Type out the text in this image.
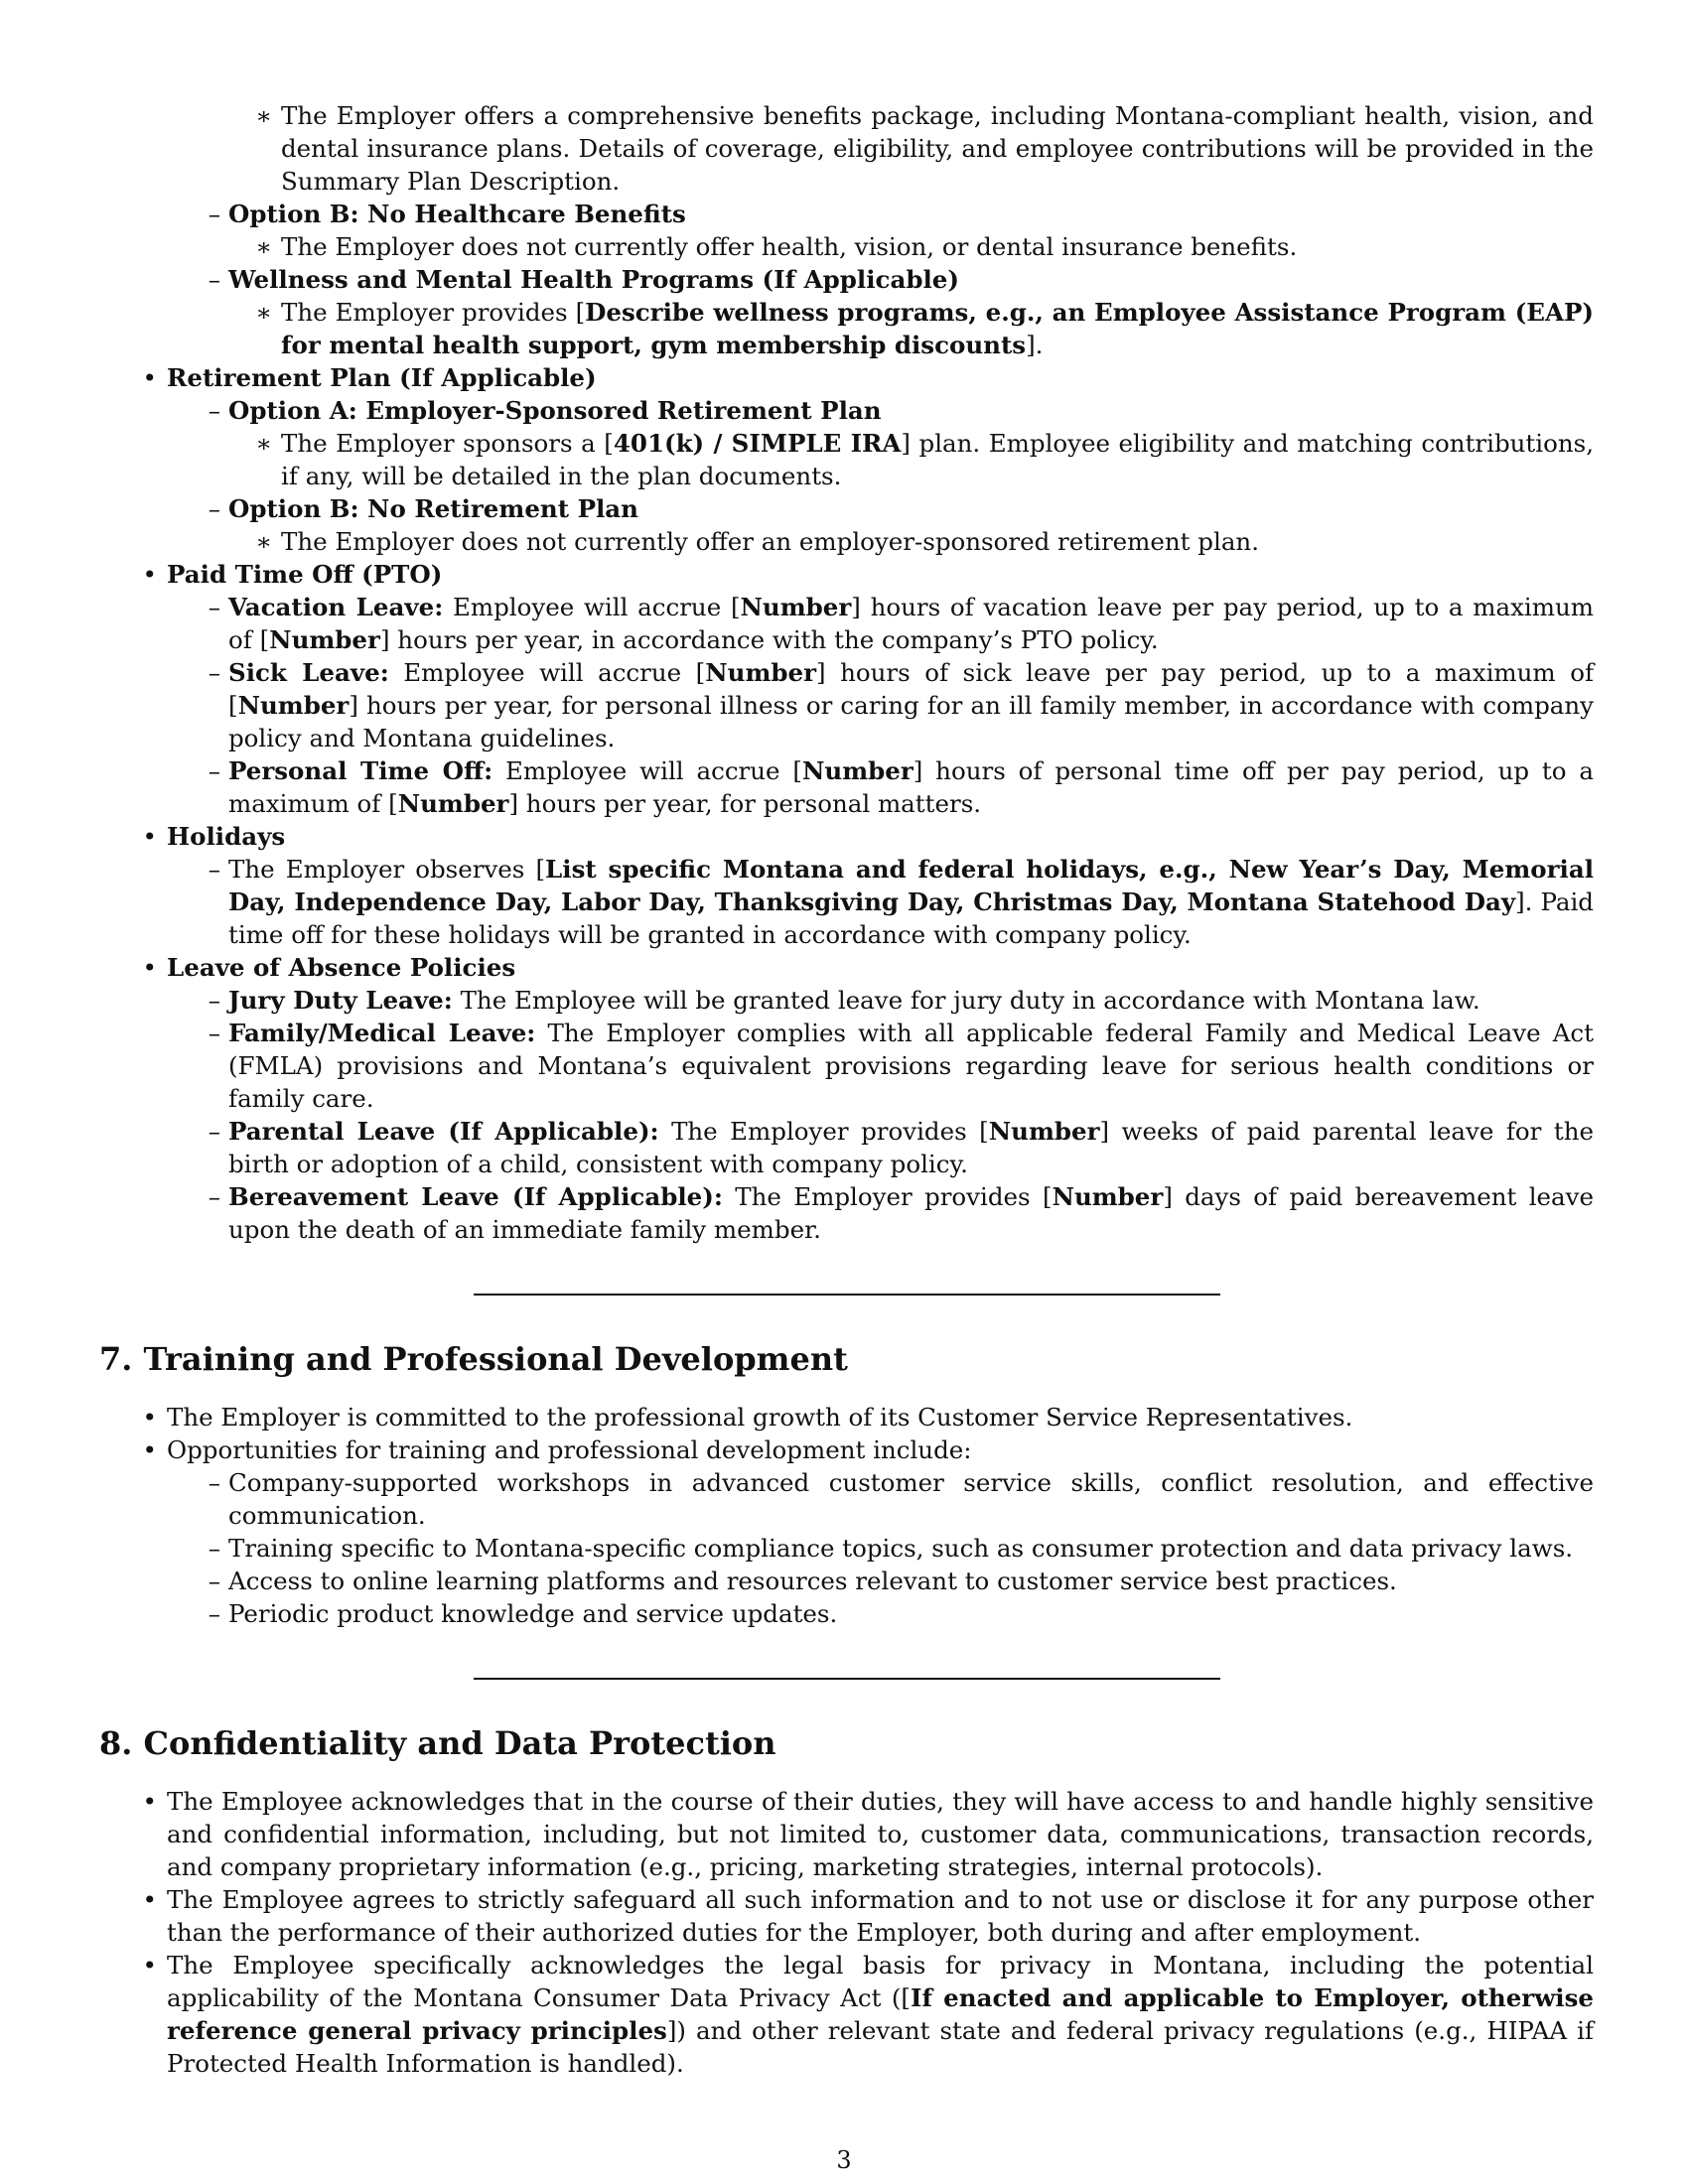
∗ The Employer offers a comprehensive benefits package, including Montana-compliant health, vision, and dental insurance plans. Details of coverage, eligibility, and employee contributions will be provided in the Summary Plan Description.
– Option B: No Healthcare Benefits
∗ The Employer does not currently offer health, vision, or dental insurance benefits.
– Wellness and Mental Health Programs (If Applicable)
∗ The Employer provides [Describe wellness programs, e.g., an Employee Assistance Program (EAP) for mental health support, gym membership discounts].
• Retirement Plan (If Applicable)
– Option A: Employer-Sponsored Retirement Plan
∗ The Employer sponsors a [401(k) / SIMPLE IRA] plan. Employee eligibility and matching contributions, if any, will be detailed in the plan documents.
– Option B: No Retirement Plan
∗ The Employer does not currently offer an employer-sponsored retirement plan.
• Paid Time Off (PTO)
– Vacation Leave: Employee will accrue [Number] hours of vacation leave per pay period, up to a maximum of [Number] hours per year, in accordance with the company’s PTO policy.
– Sick Leave: Employee will accrue [Number] hours of sick leave per pay period, up to a maximum of [Number] hours per year, for personal illness or caring for an ill family member, in accordance with company policy and Montana guidelines.
– Personal Time Off: Employee will accrue [Number] hours of personal time off per pay period, up to a maximum of [Number] hours per year, for personal matters.
• Holidays
– The Employer observes [List specific Montana and federal holidays, e.g., New Year’s Day, Memorial Day, Independence Day, Labor Day, Thanksgiving Day, Christmas Day, Montana Statehood Day]. Paid time off for these holidays will be granted in accordance with company policy.
• Leave of Absence Policies
– Jury Duty Leave: The Employee will be granted leave for jury duty in accordance with Montana law.
– Family/Medical Leave: The Employer complies with all applicable federal Family and Medical Leave Act (FMLA) provisions and Montana’s equivalent provisions regarding leave for serious health conditions or family care.
– Parental Leave (If Applicable): The Employer provides [Number] weeks of paid parental leave for the birth or adoption of a child, consistent with company policy.
– Bereavement Leave (If Applicable): The Employer provides [Number] days of paid bereavement leave upon the death of an immediate family member.
7. Training and Professional Development
• The Employer is committed to the professional growth of its Customer Service Representatives.
• Opportunities for training and professional development include:
– Company-supported workshops in advanced customer service skills, conflict resolution, and effective communication.
– Training specific to Montana-specific compliance topics, such as consumer protection and data privacy laws.
– Access to online learning platforms and resources relevant to customer service best practices.
– Periodic product knowledge and service updates.
8. Confidentiality and Data Protection
• The Employee acknowledges that in the course of their duties, they will have access to and handle highly sensitive and confidential information, including, but not limited to, customer data, communications, transaction records, and company proprietary information (e.g., pricing, marketing strategies, internal protocols).
• The Employee agrees to strictly safeguard all such information and to not use or disclose it for any purpose other than the performance of their authorized duties for the Employer, both during and after employment.
• The Employee specifically acknowledges the legal basis for privacy in Montana, including the potential applicability of the Montana Consumer Data Privacy Act ([If enacted and applicable to Employer, otherwise reference general privacy principles]) and other relevant state and federal privacy regulations (e.g., HIPAA if Protected Health Information is handled).
3
